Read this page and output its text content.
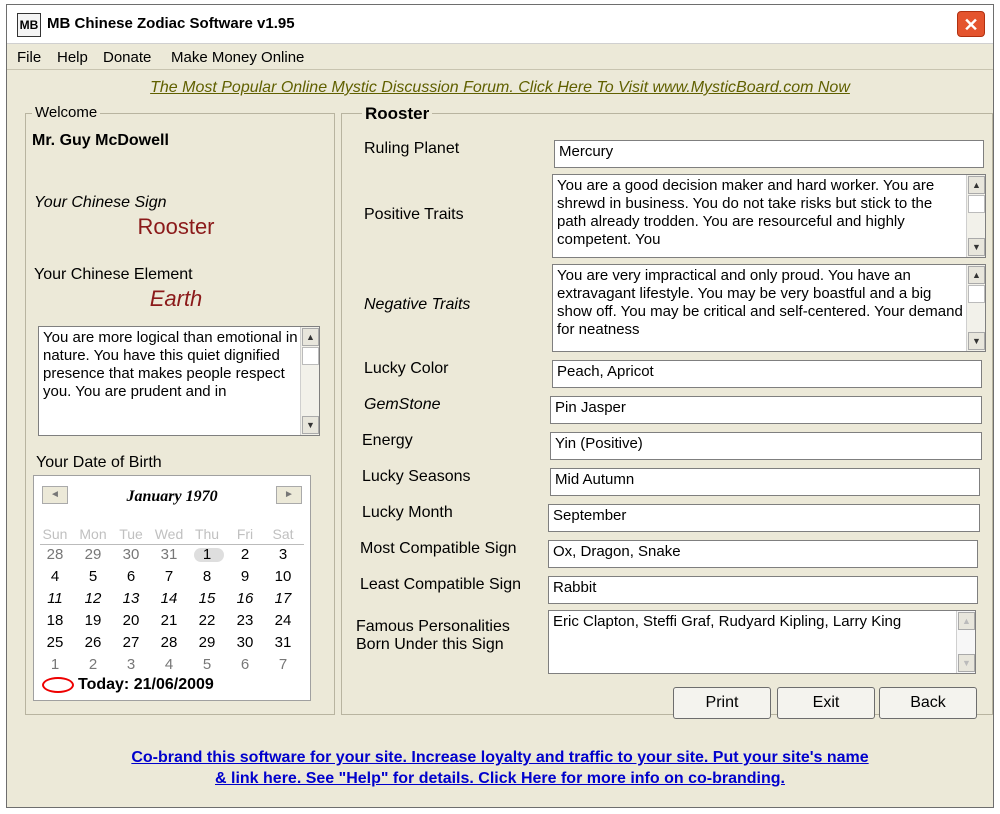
MB MB Chinese Zodiac Software v1.95	✕
File Help Donate Make Money Online
The Most Popular Online Mystic Discussion Forum. Click Here To Visit www.MysticBoard.com Now
Welcome
Mr. Guy McDowell
Your Chinese Sign
Rooster
Your Chinese Element
Earth
You are more logical than emotional in nature. You have this quiet dignified presence that makes people respect you. You are prudent and in
▲
▼
Your Date of Birth
◄	January 1970	►
Sun Mon Tue Wed Thu	Fri	Sat
28	29	30	31	1	2	3
4	5	6	7	8	9	10
11	12	13	14	15	16	17
18	19	20	21	22	23	24
25	26	27	28	29	30	31
1	2	3	4	5	6	7
Today: 21/06/2009
Rooster
Ruling Planet	Mercury
Positive Traits
You are a good decision maker and hard worker. You are shrewd in business. You do not take risks but stick to the path already trodden. You are resourceful and highly competent. You
▲
▼
Negative Traits
You are very impractical and only proud. You have an extravagant lifestyle. You may be very boastful and a big show off. You may be critical and self-centered. Your demand for neatness
▲
▼
Lucky Color	Peach, Apricot
GemStone	Pin Jasper
Energy	Yin (Positive)
Lucky Seasons	Mid Autumn
Lucky Month	September
Most Compatible Sign	Ox, Dragon, Snake
Least Compatible Sign	Rabbit
Famous Personalities
Born Under this Sign
Eric Clapton, Steffi Graf, Rudyard Kipling, Larry King	▲
▼
Print	Exit	Back
Co-brand this software for your site. Increase loyalty and traffic to your site. Put your site's name
& link here. See "Help" for details. Click Here for more info on co-branding.
